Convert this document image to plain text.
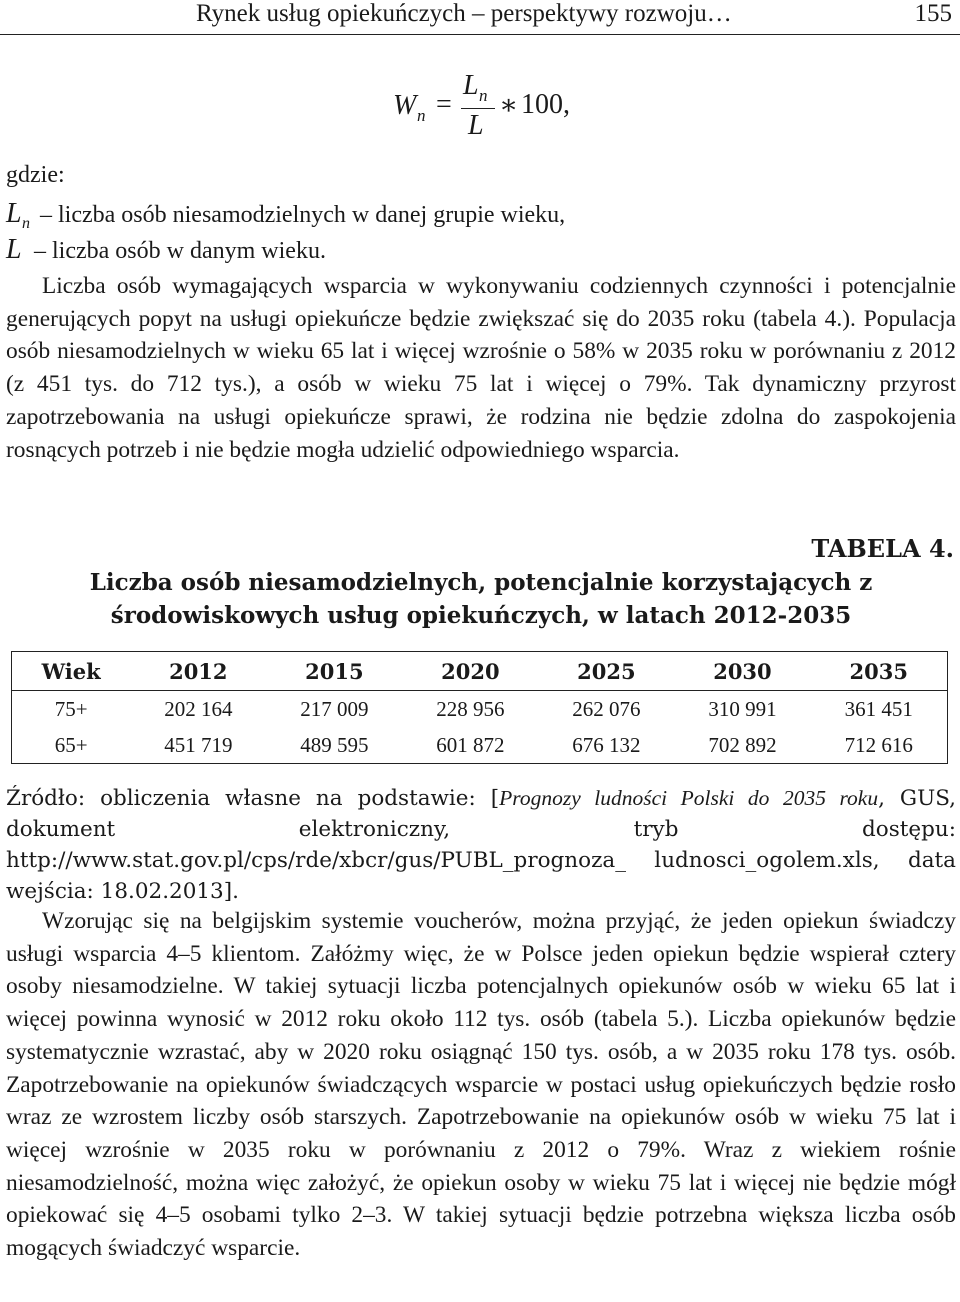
Rynek usług opiekuńczych – perspektywy rozwoju…	155
W n =
L n
L
∗ 100,
gdzie:
$L_n$ – liczba osób niesamodzielnych w danej grupie wieku,
L – liczba osób w danym wieku.
Liczba osób wymagających wsparcia w wykonywaniu codziennych czynności i potencjalnie generujących popyt na usługi opiekuńcze będzie zwiększać się do 2035 roku (tabela 4.). Populacja osób niesamodzielnych w wieku 65 lat i więcej wzrośnie o 58% w 2035 roku w porównaniu z 2012 (z 451 tys. do 712 tys.), a osób w wieku 75 lat i więcej o 79%. Tak dynamiczny przyrost zapotrzebowania na usługi opiekuńcze sprawi, że rodzina nie będzie zdolna do zaspokojenia rosnących potrzeb i nie będzie mogła udzielić odpowiedniego wsparcia.
TABELA 4.
Liczba osób niesamodzielnych, potencjalnie korzystających z środowiskowych usług opiekuńczych, w latach 2012-2035
Wiek	2012	2015	2020	2025	2030	2035
75+	202 164	217 009	228 956	262 076	310 991	361 451
65+	451 719	489 595	601 872	676 132	702 892	712 616
Źródło: obliczenia własne na podstawie: [Prognozy ludności Polski do 2035 roku, GUS, dokument elektroniczny, tryb dostępu: http://www.stat.gov.pl/cps/rde/xbcr/gus/PUBL_prognoza_ ludnosci_ogolem.xls, data wejścia: 18.02.2013].
Wzorując się na belgijskim systemie voucherów, można przyjąć, że jeden opiekun świadczy usługi wsparcia 4–5 klientom. Załóżmy więc, że w Polsce jeden opiekun będzie wspierał cztery osoby niesamodzielne. W takiej sytuacji liczba potencjalnych opiekunów osób w wieku 65 lat i więcej powinna wynosić w 2012 roku około 112 tys. osób (tabela 5.). Liczba opiekunów będzie systematycznie wzrastać, aby w 2020 roku osiągnąć 150 tys. osób, a w 2035 roku 178 tys. osób. Zapotrzebowanie na opiekunów świadczących wsparcie w postaci usług opiekuńczych będzie rosło wraz ze wzrostem liczby osób starszych. Zapotrzebowanie na opiekunów osób w wieku 75 lat i więcej wzrośnie w 2035 roku w porównaniu z 2012 o 79%. Wraz z wiekiem rośnie niesamodzielność, można więc założyć, że opiekun osoby w wieku 75 lat i więcej nie będzie mógł opiekować się 4–5 osobami tylko 2–3. W takiej sytuacji będzie potrzebna większa liczba osób mogących świadczyć wsparcie.
